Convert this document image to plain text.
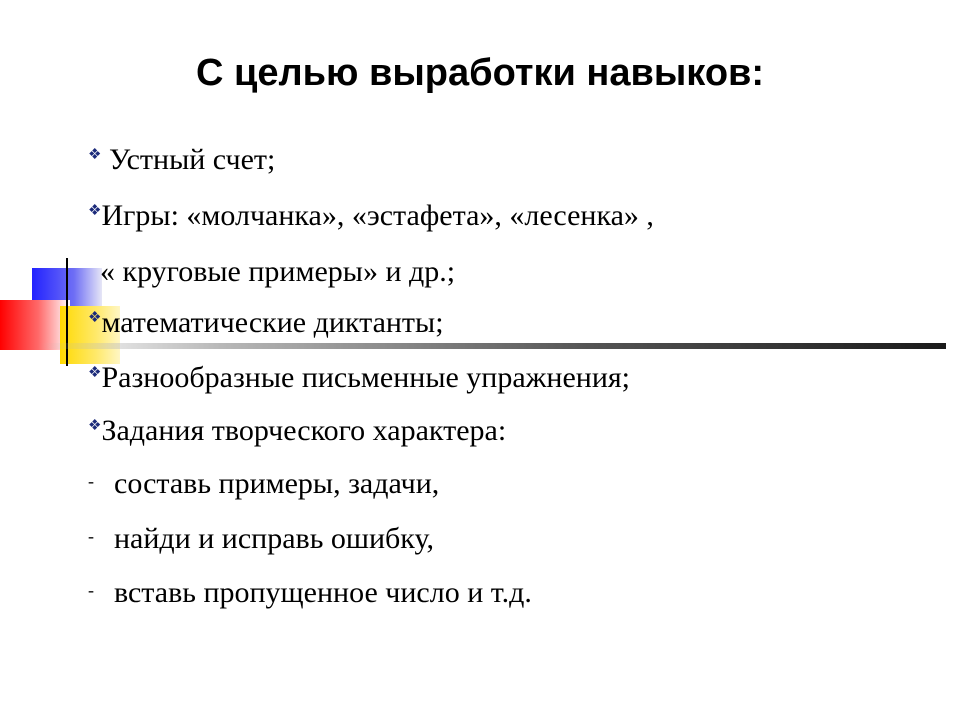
С целью выработки навыков:
❖ Устный счет;
❖Игры: «молчанка», «эстафета», «лесенка» ,
« круговые примеры» и др.;
❖математические диктанты;
❖Разнообразные письменные упражнения;
❖Задания творческого характера:
- составь примеры, задачи,
- найди и исправь ошибку,
- вставь пропущенное число и т.д.
